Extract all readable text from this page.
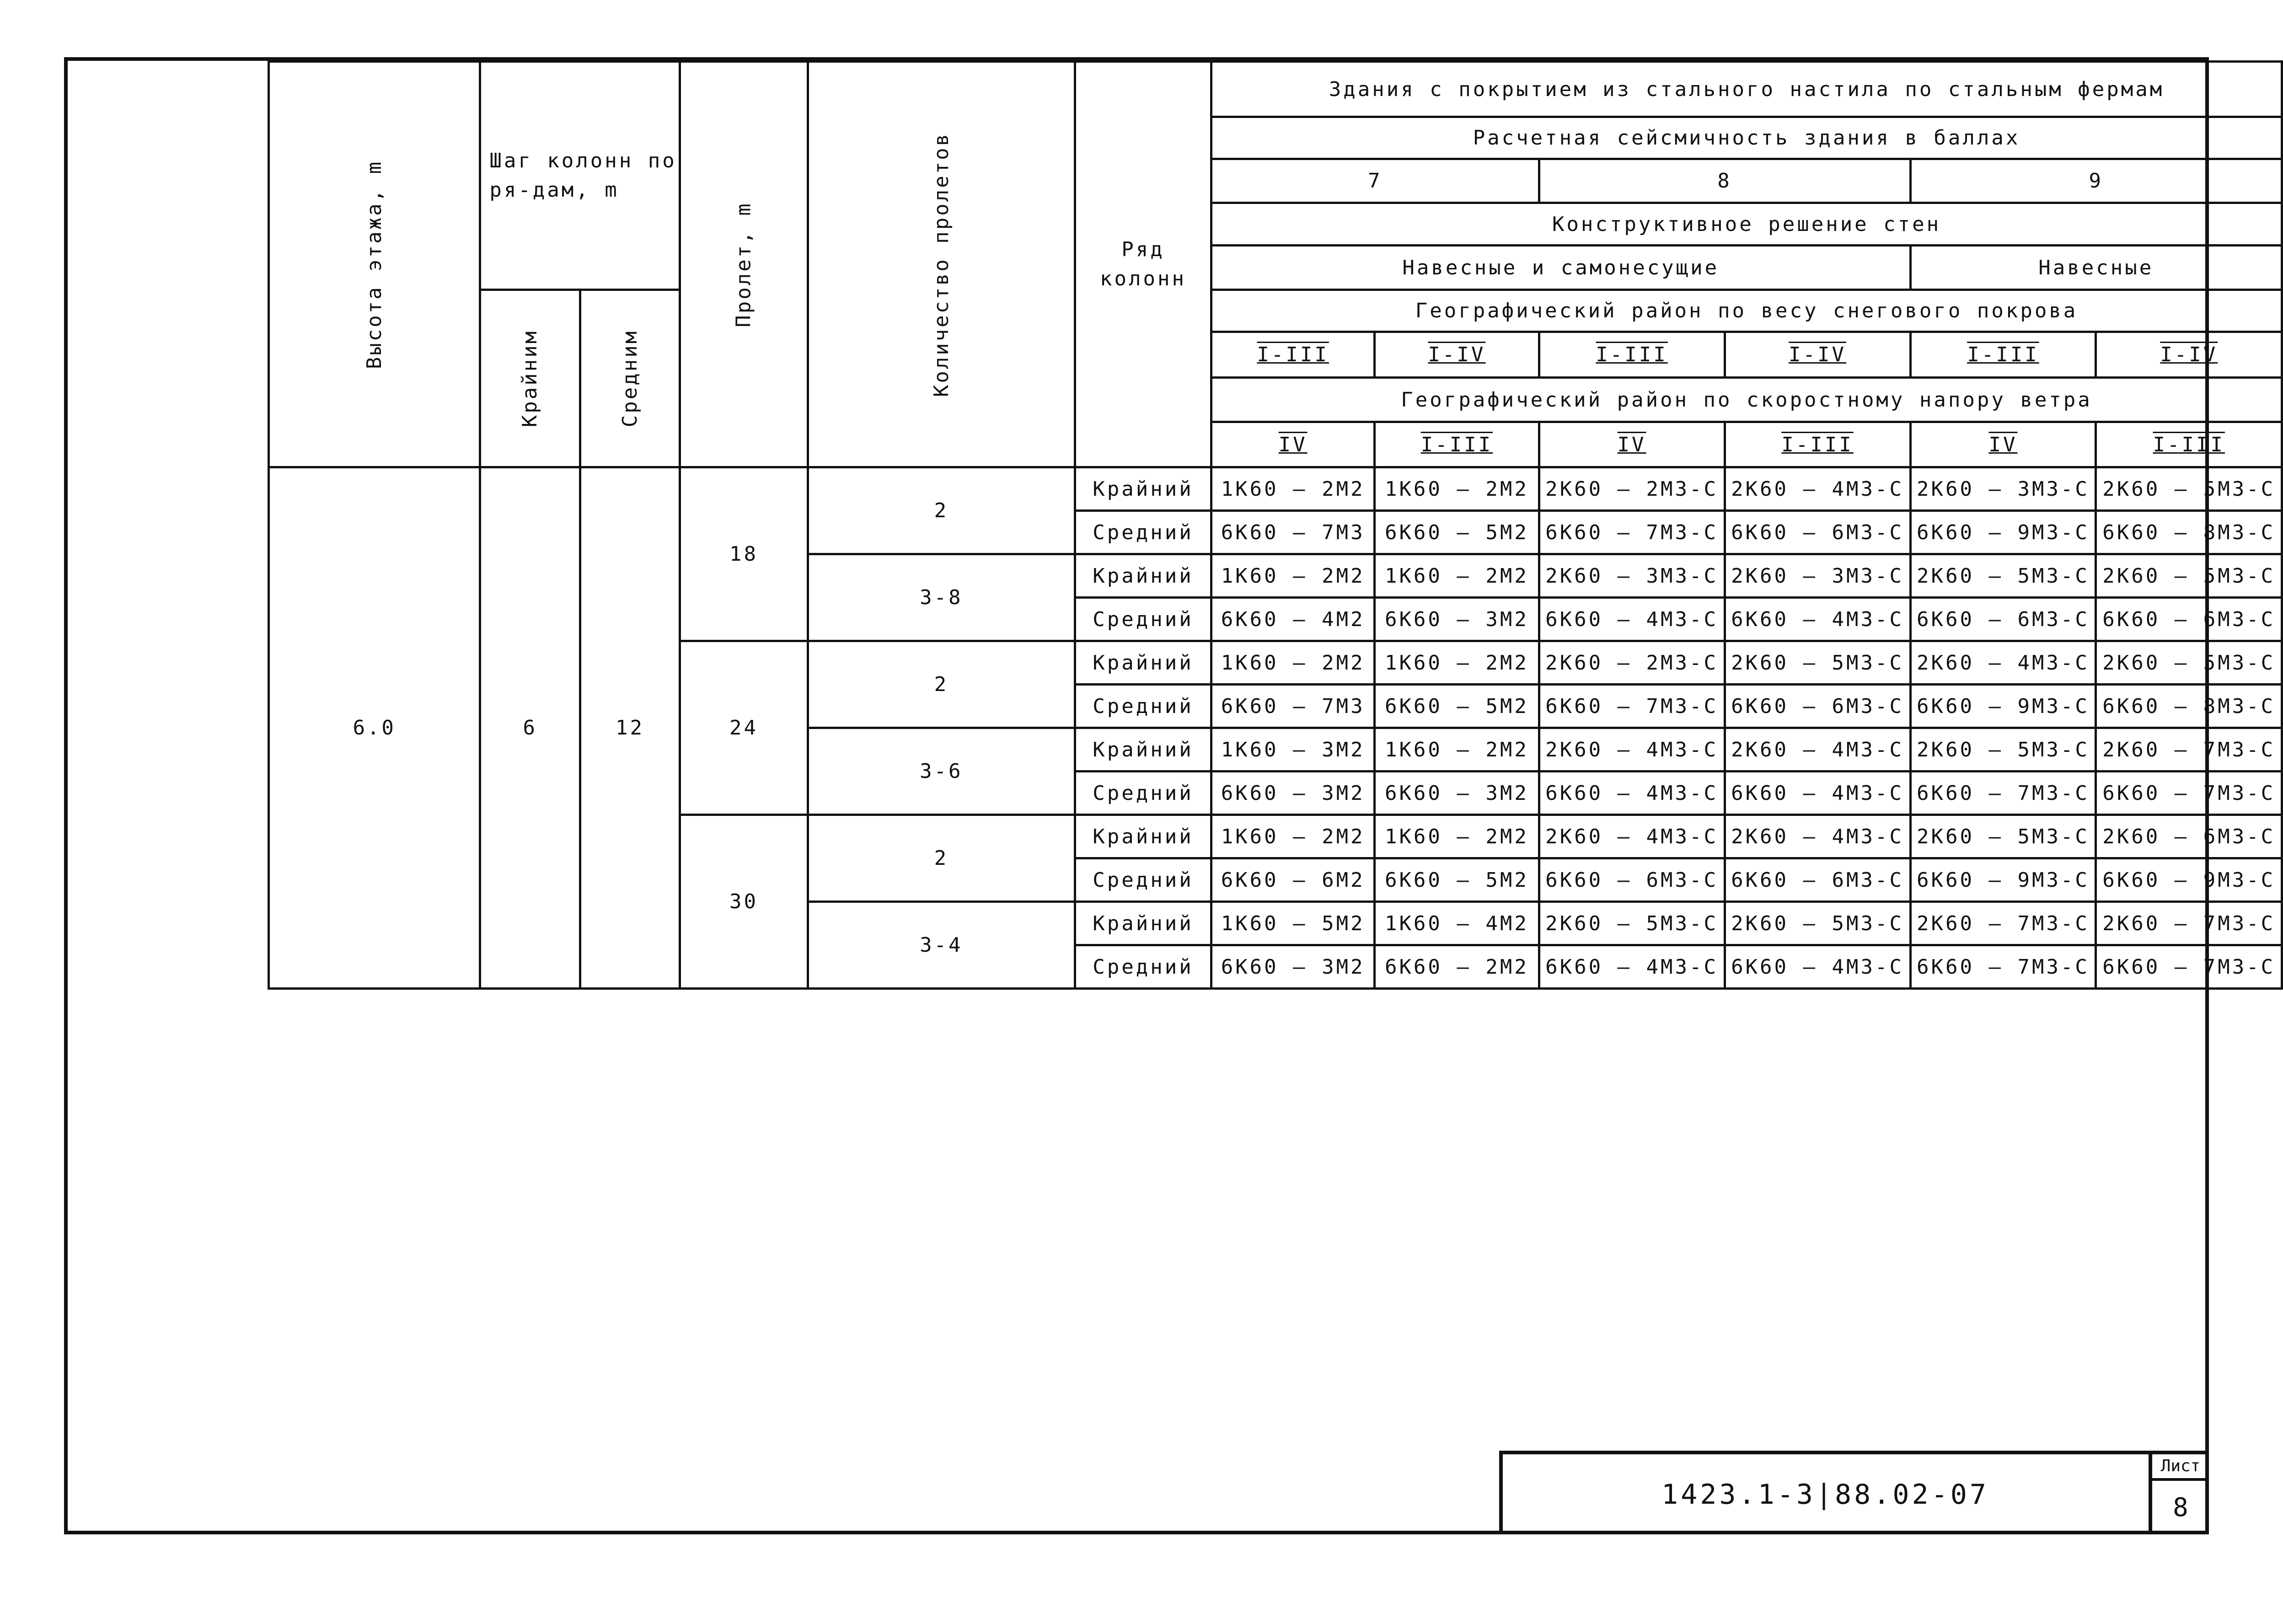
Высота этажа, m	Шаг колонн по ря-дам, m		Пролет, m	Количество пролетов	Ряд колонн	Здания с покрытием из стального настила по стальным фермам					
						Расчетная сейсмичность здания в баллах					
						7		8		9	
						Конструктивное решение стен					
						Навесные и самонесущие				Навесные	
	Крайним	Средним				Географический район по весу снегового покрова					
						I-III	I-IV	I-III	I-IV	I-III	I-IV
						Географический район по скоростному напору ветра					
						IV	I-III	IV	I-III	IV	I-III
6.0	6	12	18	2	Крайний	1К60 – 2М2	1К60 – 2М2	2К60 – 2М3-С	2К60 – 4М3-С	2К60 – 3М3-С	2К60 – 5М3-С
					Средний	6К60 – 7М3	6К60 – 5М2	6К60 – 7М3-С	6К60 – 6М3-С	6К60 – 9М3-С	6К60 – 8М3-С
				3-8	Крайний	1К60 – 2М2	1К60 – 2М2	2К60 – 3М3-С	2К60 – 3М3-С	2К60 – 5М3-С	2К60 – 5М3-С
					Средний	6К60 – 4М2	6К60 – 3М2	6К60 – 4М3-С	6К60 – 4М3-С	6К60 – 6М3-С	6К60 – 6М3-С
			24	2	Крайний	1К60 – 2М2	1К60 – 2М2	2К60 – 2М3-С	2К60 – 5М3-С	2К60 – 4М3-С	2К60 – 5М3-С
					Средний	6К60 – 7М3	6К60 – 5М2	6К60 – 7М3-С	6К60 – 6М3-С	6К60 – 9М3-С	6К60 – 8М3-С
				3-6	Крайний	1К60 – 3М2	1К60 – 2М2	2К60 – 4М3-С	2К60 – 4М3-С	2К60 – 5М3-С	2К60 – 7М3-С
					Средний	6К60 – 3М2	6К60 – 3М2	6К60 – 4М3-С	6К60 – 4М3-С	6К60 – 7М3-С	6К60 – 7М3-С
			30	2	Крайний	1К60 – 2М2	1К60 – 2М2	2К60 – 4М3-С	2К60 – 4М3-С	2К60 – 5М3-С	2К60 – 6М3-С
					Средний	6К60 – 6М2	6К60 – 5М2	6К60 – 6М3-С	6К60 – 6М3-С	6К60 – 9М3-С	6К60 – 9М3-С
				3-4	Крайний	1К60 – 5М2	1К60 – 4М2	2К60 – 5М3-С	2К60 – 5М3-С	2К60 – 7М3-С	2К60 – 7М3-С
					Средний	6К60 – 3М2	6К60 – 2М2	6К60 – 4М3-С	6К60 – 4М3-С	6К60 – 7М3-С	6К60 – 7М3-С
1423.1-3|88.02-07
Лист
8
